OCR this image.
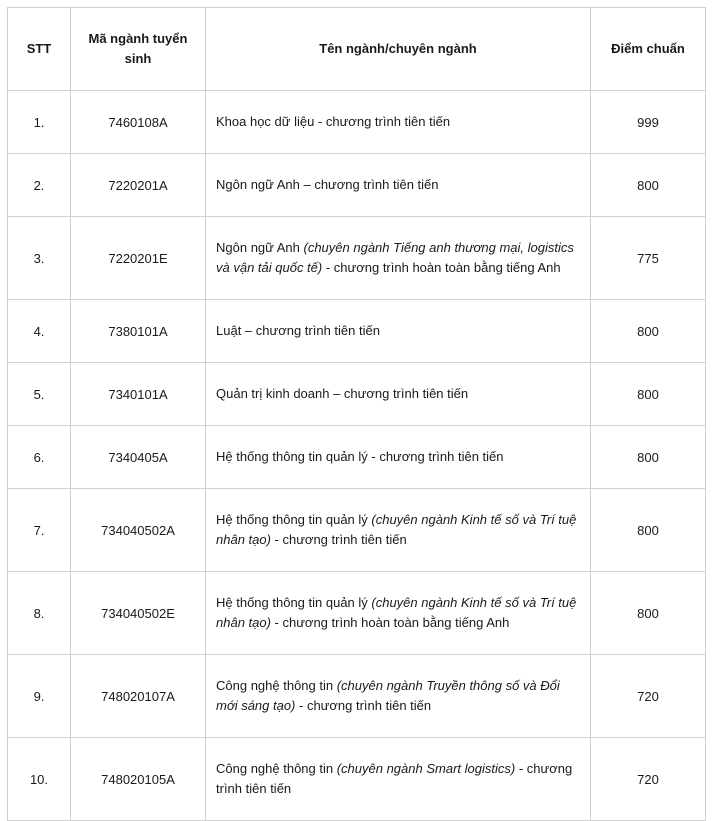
STT	Mã ngành tuyển sinh	Tên ngành/chuyên ngành	Điểm chuẩn
1.	7460108A	Khoa học dữ liệu - chương trình tiên tiến	999
2.	7220201A	Ngôn ngữ Anh – chương trình tiên tiến	800
3.	7220201E	Ngôn ngữ Anh (chuyên ngành Tiếng anh thương mại, logistics và vận tải quốc tế) - chương trình hoàn toàn bằng tiếng Anh	775
4.	7380101A	Luật – chương trình tiên tiến	800
5.	7340101A	Quản trị kinh doanh – chương trình tiên tiến	800
6.	7340405A	Hệ thống thông tin quản lý - chương trình tiên tiến	800
7.	734040502A	Hệ thống thông tin quản lý (chuyên ngành Kinh tế số và Trí tuệ nhân tạo) - chương trình tiên tiến	800
8.	734040502E	Hệ thống thông tin quản lý (chuyên ngành Kinh tế số và Trí tuệ nhân tạo) - chương trình hoàn toàn bằng tiếng Anh	800
9.	748020107A	Công nghệ thông tin (chuyên ngành Truyền thông số và Đổi mới sáng tạo) - chương trình tiên tiến	720
10.	748020105A	Công nghệ thông tin (chuyên ngành Smart logistics) - chương trình tiên tiến	720
